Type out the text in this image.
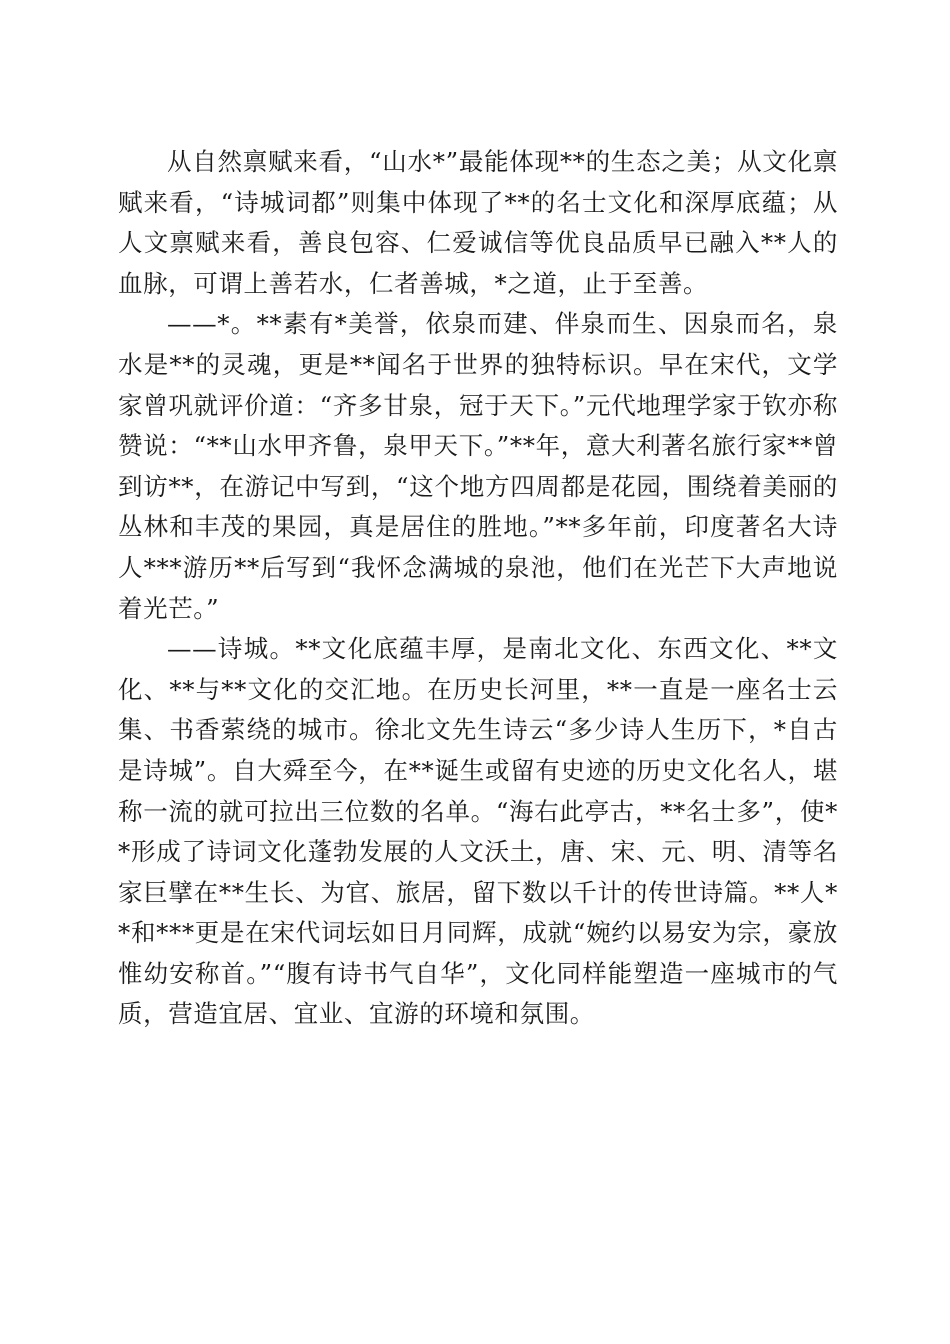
从自然禀赋来看，“山水*”最能体现**的生态之美；从文化禀赋来看，“诗城词都”则集中体现了**的名士文化和深厚底蕴；从人文禀赋来看，善良包容、仁爱诚信等优良品质早已融入**人的血脉，可谓上善若水，仁者善城，*之道，止于至善。

——*。**素有*美誉，依泉而建、伴泉而生、因泉而名，泉水是**的灵魂，更是**闻名于世界的独特标识。早在宋代，文学家曾巩就评价道：“齐多甘泉，冠于天下。”元代地理学家于钦亦称赞说：“**山水甲齐鲁，泉甲天下。”**年，意大利著名旅行家**曾到访**，在游记中写到，“这个地方四周都是花园，围绕着美丽的丛林和丰茂的果园，真是居住的胜地。”**多年前，印度著名大诗人***游历**后写到“我怀念满城的泉池，他们在光芒下大声地说着光芒。”

——诗城。**文化底蕴丰厚，是南北文化、东西文化、**文化、**与**文化的交汇地。在历史长河里，**一直是一座名士云集、书香萦绕的城市。徐北文先生诗云“多少诗人生历下，*自古是诗城”。自大舜至今，在**诞生或留有史迹的历史文化名人，堪称一流的就可拉出三位数的名单。“海右此亭古，**名士多”，使**形成了诗词文化蓬勃发展的人文沃土，唐、宋、元、明、清等名家巨擘在**生长、为官、旅居，留下数以千计的传世诗篇。**人**和***更是在宋代词坛如日月同辉，成就“婉约以易安为宗，豪放惟幼安称首。”“腹有诗书气自华”，文化同样能塑造一座城市的气质，营造宜居、宜业、宜游的环境和氛围。
